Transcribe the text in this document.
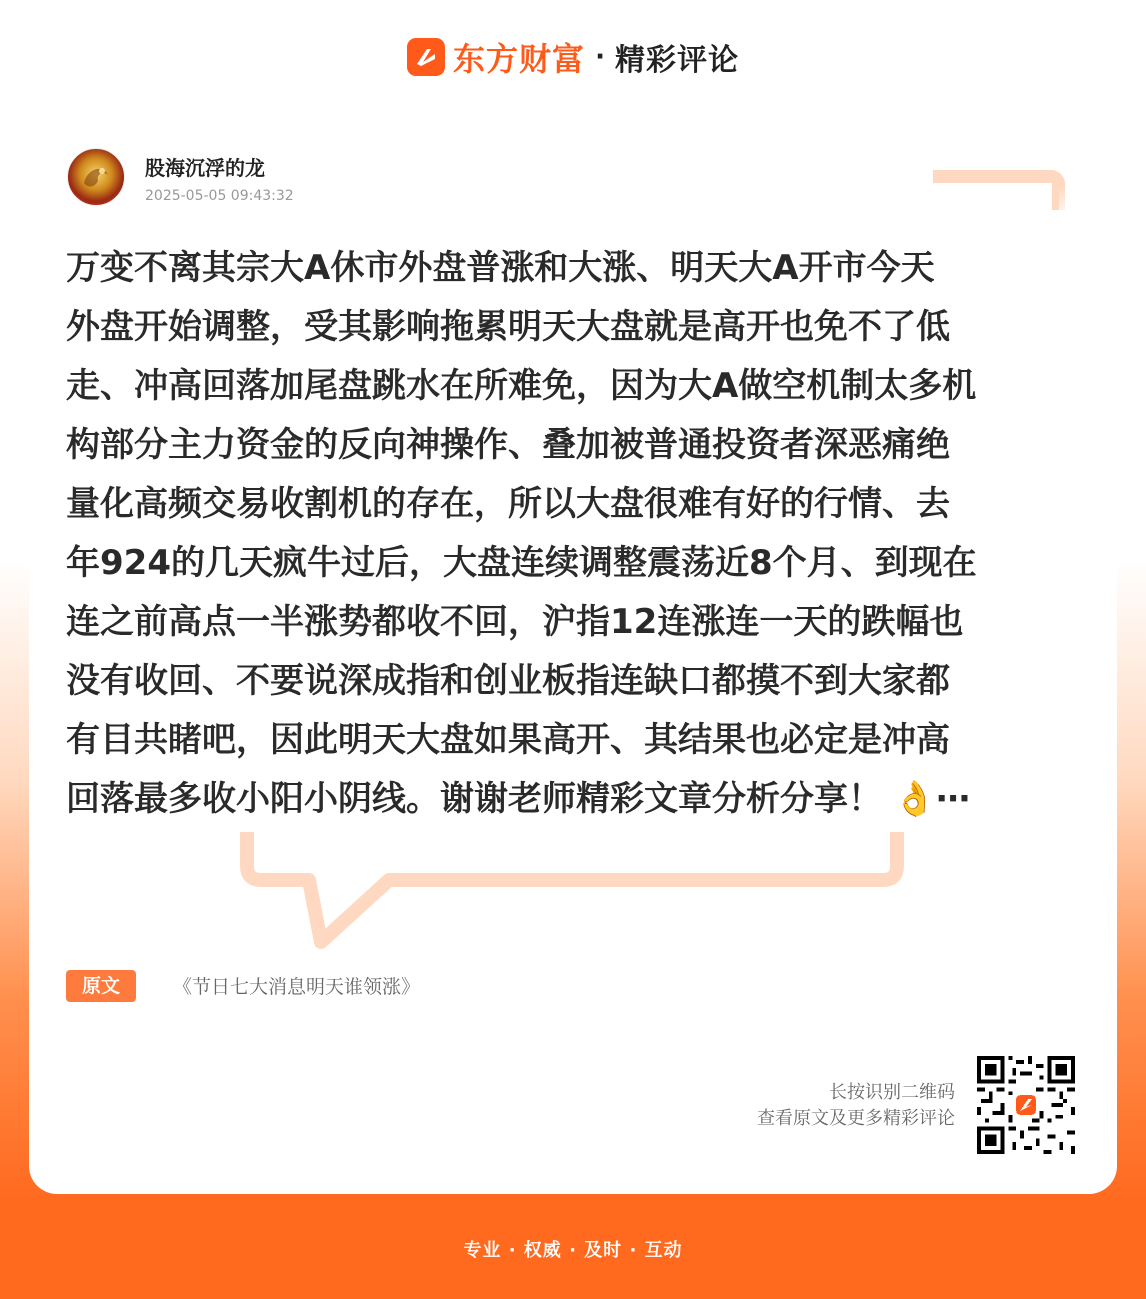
东方财富 · 精彩评论
股海沉浮的龙
2025-05-05 09:43:32
万变不离其宗大A休市外盘普涨和大涨、明天大A开市今天
外盘开始调整，受其影响拖累明天大盘就是高开也免不了低
走、冲高回落加尾盘跳水在所难免，因为大A做空机制太多机
构部分主力资金的反向神操作、叠加被普通投资者深恶痛绝
量化高频交易收割机的存在，所以大盘很难有好的行情、去
年924的几天疯牛过后，大盘连续调整震荡近8个月、到现在
连之前高点一半涨势都收不回，沪指12连涨连一天的跌幅也
没有收回、不要说深成指和创业板指连缺口都摸不到大家都
有目共睹吧，因此明天大盘如果高开、其结果也必定是冲高
回落最多收小阳小阴线。谢谢老师精彩文章分析分享！ 👌⋯
原文	《节日七大消息明天谁领涨》
长按识别二维码
查看原文及更多精彩评论
专业 · 权威 · 及时 · 互动
